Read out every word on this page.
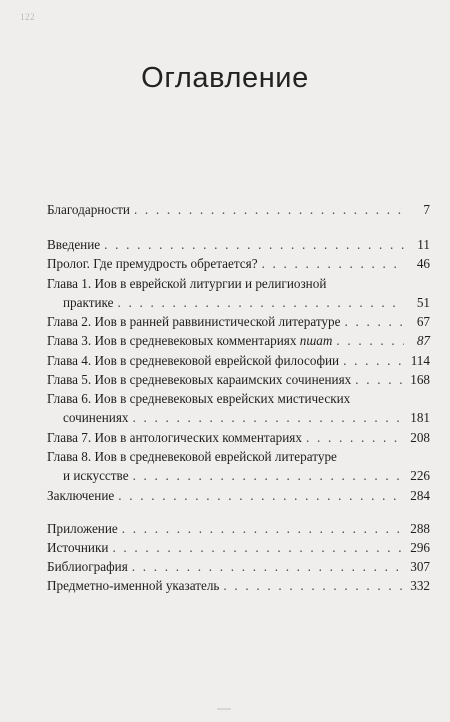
122
Оглавление
Благодарности . . .	7
Введение . . .	11
Пролог. Где премудрость обретается? . . .	46
Глава 1. Иов в еврейской литургии и религиозной
практике . . .	51
Глава 2. Иов в ранней раввинистической литературе . . .	67
Глава 3. Иов в средневековых комментариях пшат . . .	87
Глава 4. Иов в средневековой еврейской философии . . .	114
Глава 5. Иов в средневековых караимских сочинениях . . .	168
Глава 6. Иов в средневековых еврейских мистических
сочинениях . . .	181
Глава 7. Иов в антологических комментариях . . .	208
Глава 8. Иов в средневековой еврейской литературе
и искусстве . . .	226
Заключение . . .	284
Приложение . . .	288
Источники . . .	296
Библиография . . .	307
Предметно-именной указатель . . .	332
